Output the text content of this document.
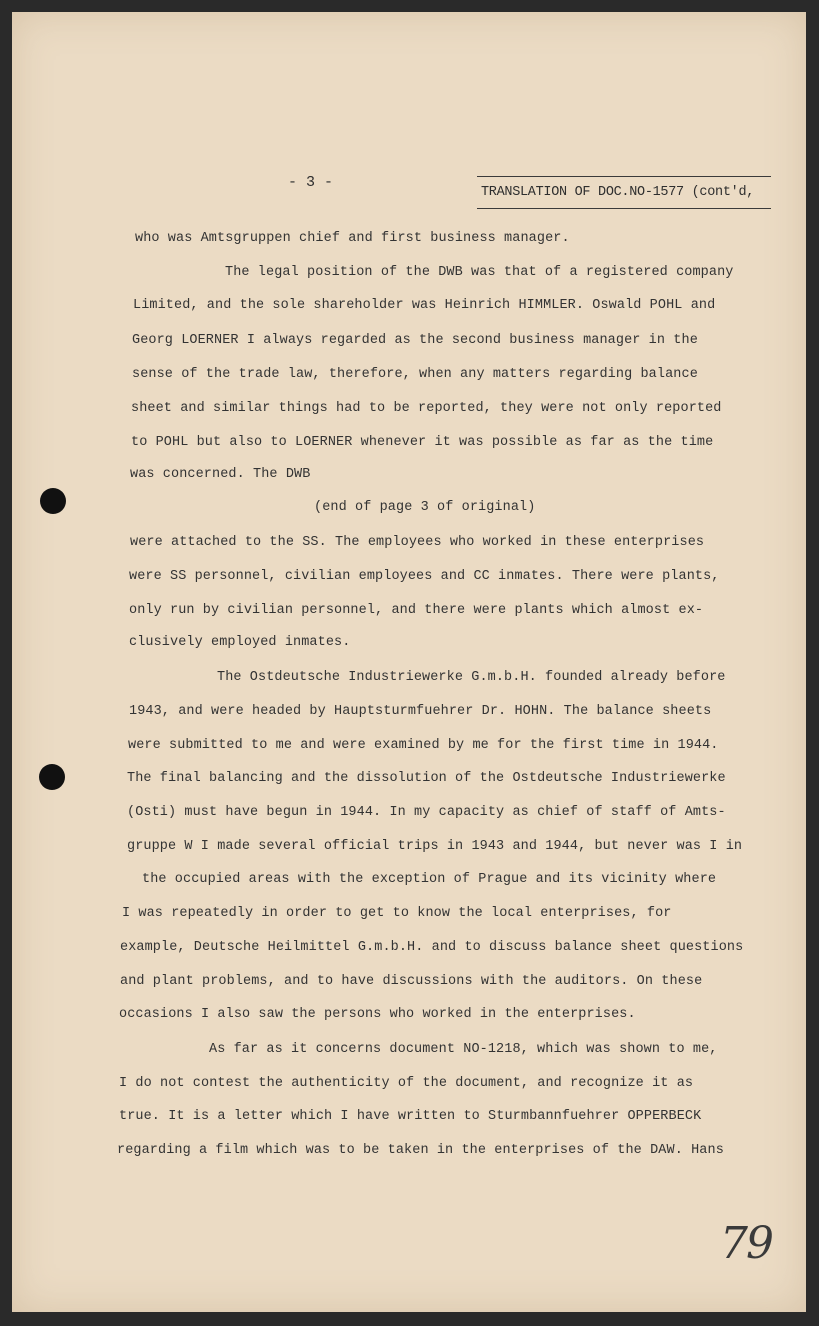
- 3 -
TRANSLATION OF DOC.NO-1577 (cont'd,
who was Amtsgruppen chief and first business manager.
The legal position of the DWB was that of a registered company
Limited, and the sole shareholder was Heinrich HIMMLER. Oswald POHL and
Georg LOERNER I always regarded as the second business manager in the
sense of the trade law, therefore, when any matters regarding balance
sheet and similar things had to be reported, they were not only reported
to POHL but also to LOERNER whenever it was possible as far as the time
was concerned. The DWB
(end of page 3 of original)
were attached to the SS. The employees who worked in these enterprises
were SS personnel, civilian employees and CC inmates. There were plants,
only run by civilian personnel, and there were plants which almost ex-
clusively employed inmates.
The Ostdeutsche Industriewerke G.m.b.H. founded already before
1943, and were headed by Hauptsturmfuehrer Dr. HOHN. The balance sheets
were submitted to me and were examined by me for the first time in 1944.
The final balancing and the dissolution of the Ostdeutsche Industriewerke
(Osti) must have begun in 1944. In my capacity as chief of staff of Amts-
gruppe W I made several official trips in 1943 and 1944, but never was I in
the occupied areas with the exception of Prague and its vicinity where
I was repeatedly in order to get to know the local enterprises, for
example, Deutsche Heilmittel G.m.b.H. and to discuss balance sheet questions
and plant problems, and to have discussions with the auditors. On these
occasions I also saw the persons who worked in the enterprises.
As far as it concerns document NO-1218, which was shown to me,
I do not contest the authenticity of the document, and recognize it as
true. It is a letter which I have written to Sturmbannfuehrer OPPERBECK
regarding a film which was to be taken in the enterprises of the DAW. Hans
79
